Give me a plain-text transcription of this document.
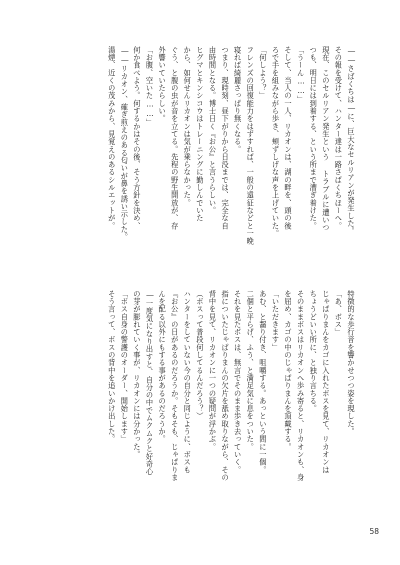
――さばくちは―に、巨大なセルリアンが発生した。
その報を受けて、ハンター達は一路さばくちほーへ。
現在、このセルリアン発生という トラブルに遭いつ
つも、明日には到着する、という所まで漕ぎ着けた。
「うーん……」
そして、当人の一人、リカオンは、湖の畔を、頭の後
ろで手を組みながら歩き、頬ずしげな声を上げていた。
「何しよう？」
フレンズの回復能力をはずすれば、一般の遠征などと一晩
寝れば綺麗さっぱり無くなる。
つまり、現時刻、昼下がりから日没までは、完全な自
由時間となる。博士日く『お公』と言うらしい。
ヒグマとキンシコウはトレーニングに勤しんでいた
から、如何せんリカオンは気が乗らなかった。
ぐう、と腹の虫が音を立てる。先程の野生開放が、存
外響いていたらしい。
「お腹、空いた……」
何か食べよう。何するかはその後、そう方針を決め、
――リカオン、確ぎ煎えのある匂いが鼻を誘い示した。
湯煙、近くの茂みから、見覚えのあるシルエットが。
特徴的な歩行音を響かせつつ姿を現した。
「あ、ボス」
じゃぱりまんをカゴに入れたボスを見て、リカオンは
ちょうどいい所に、と独り言ちる。
そのままボスはリカオンへ歩み寄ると、リカオンも、身
を屈め、カゴの中のじゃぱりまんを頂戴する。
「いただきます」
あむ、と齧り付き、咀嚼する。あっという間に一個。
二個と平らげ、ふう、と満足気に息をついた。
それを見たボスは、無言でそのまま歩き去っていく。
指についたじゃぱりまんの欠片を舐め取りながら、その
背中を見て、リカオンに一つの疑問が浮かぶ。
（ボスって普段何してるんだろう？）
ハンターをしていない今の自分と同じように、ボスも
『お公』の日があるのだろうか。そもそも、じゃぱりま
んを配る以外にもする事があるのだろうか。
―一度気になり出すと、自分の中でムクムクと好奇心
の芽が膨れていく事が、リカオンには分かった。
「ボス自身の警護のオーダー、開始します」
そう言って、ボスの背中を追いかけ出した。
58
